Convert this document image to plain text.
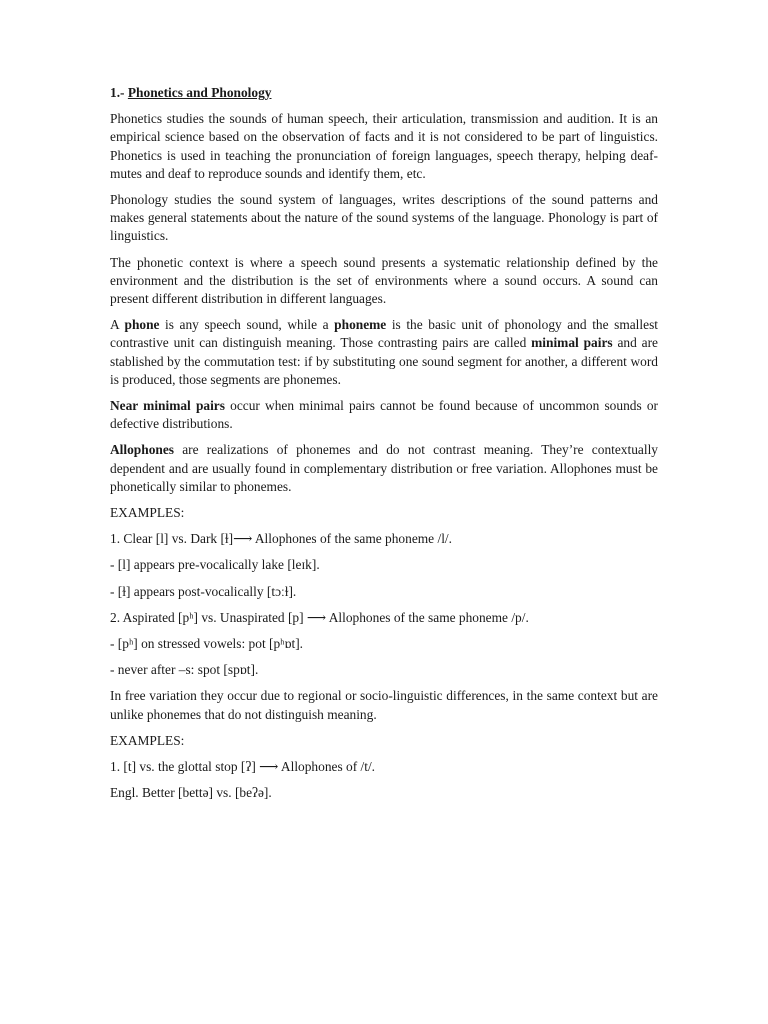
1.- Phonetics and Phonology

Phonetics studies the sounds of human speech, their articulation, transmission and audition. It is an empirical science based on the observation of facts and it is not considered to be part of linguistics. Phonetics is used in teaching the pronunciation of foreign languages, speech therapy, helping deaf-mutes and deaf to reproduce sounds and identify them, etc.

Phonology studies the sound system of languages, writes descriptions of the sound patterns and makes general statements about the nature of the sound systems of the language. Phonology is part of linguistics.

The phonetic context is where a speech sound presents a systematic relationship defined by the environment and the distribution is the set of environments where a sound occurs. A sound can present different distribution in different languages.

A phone is any speech sound, while a phoneme is the basic unit of phonology and the smallest contrastive unit can distinguish meaning. Those contrasting pairs are called minimal pairs and are stablished by the commutation test: if by substituting one sound segment for another, a different word is produced, those segments are phonemes.

Near minimal pairs occur when minimal pairs cannot be found because of uncommon sounds or defective distributions.

Allophones are realizations of phonemes and do not contrast meaning. They’re contextually dependent and are usually found in complementary distribution or free variation. Allophones must be phonetically similar to phonemes.

EXAMPLES:

1. Clear [l] vs. Dark [ɫ]⟶ Allophones of the same phoneme /l/.

- [l] appears pre-vocalically lake [leɪk].

- [ɫ] appears post-vocalically [tɔːɫ].

2. Aspirated [pʰ] vs. Unaspirated [p] ⟶ Allophones of the same phoneme /p/.

- [pʰ] on stressed vowels: pot [pʰɒt].

- never after –s: spot [spɒt].

In free variation they occur due to regional or socio-linguistic differences, in the same context but are unlike phonemes that do not distinguish meaning.

EXAMPLES:

1. [t] vs. the glottal stop [ʔ] ⟶ Allophones of /t/.

Engl. Better [bettə] vs. [beʔə].
